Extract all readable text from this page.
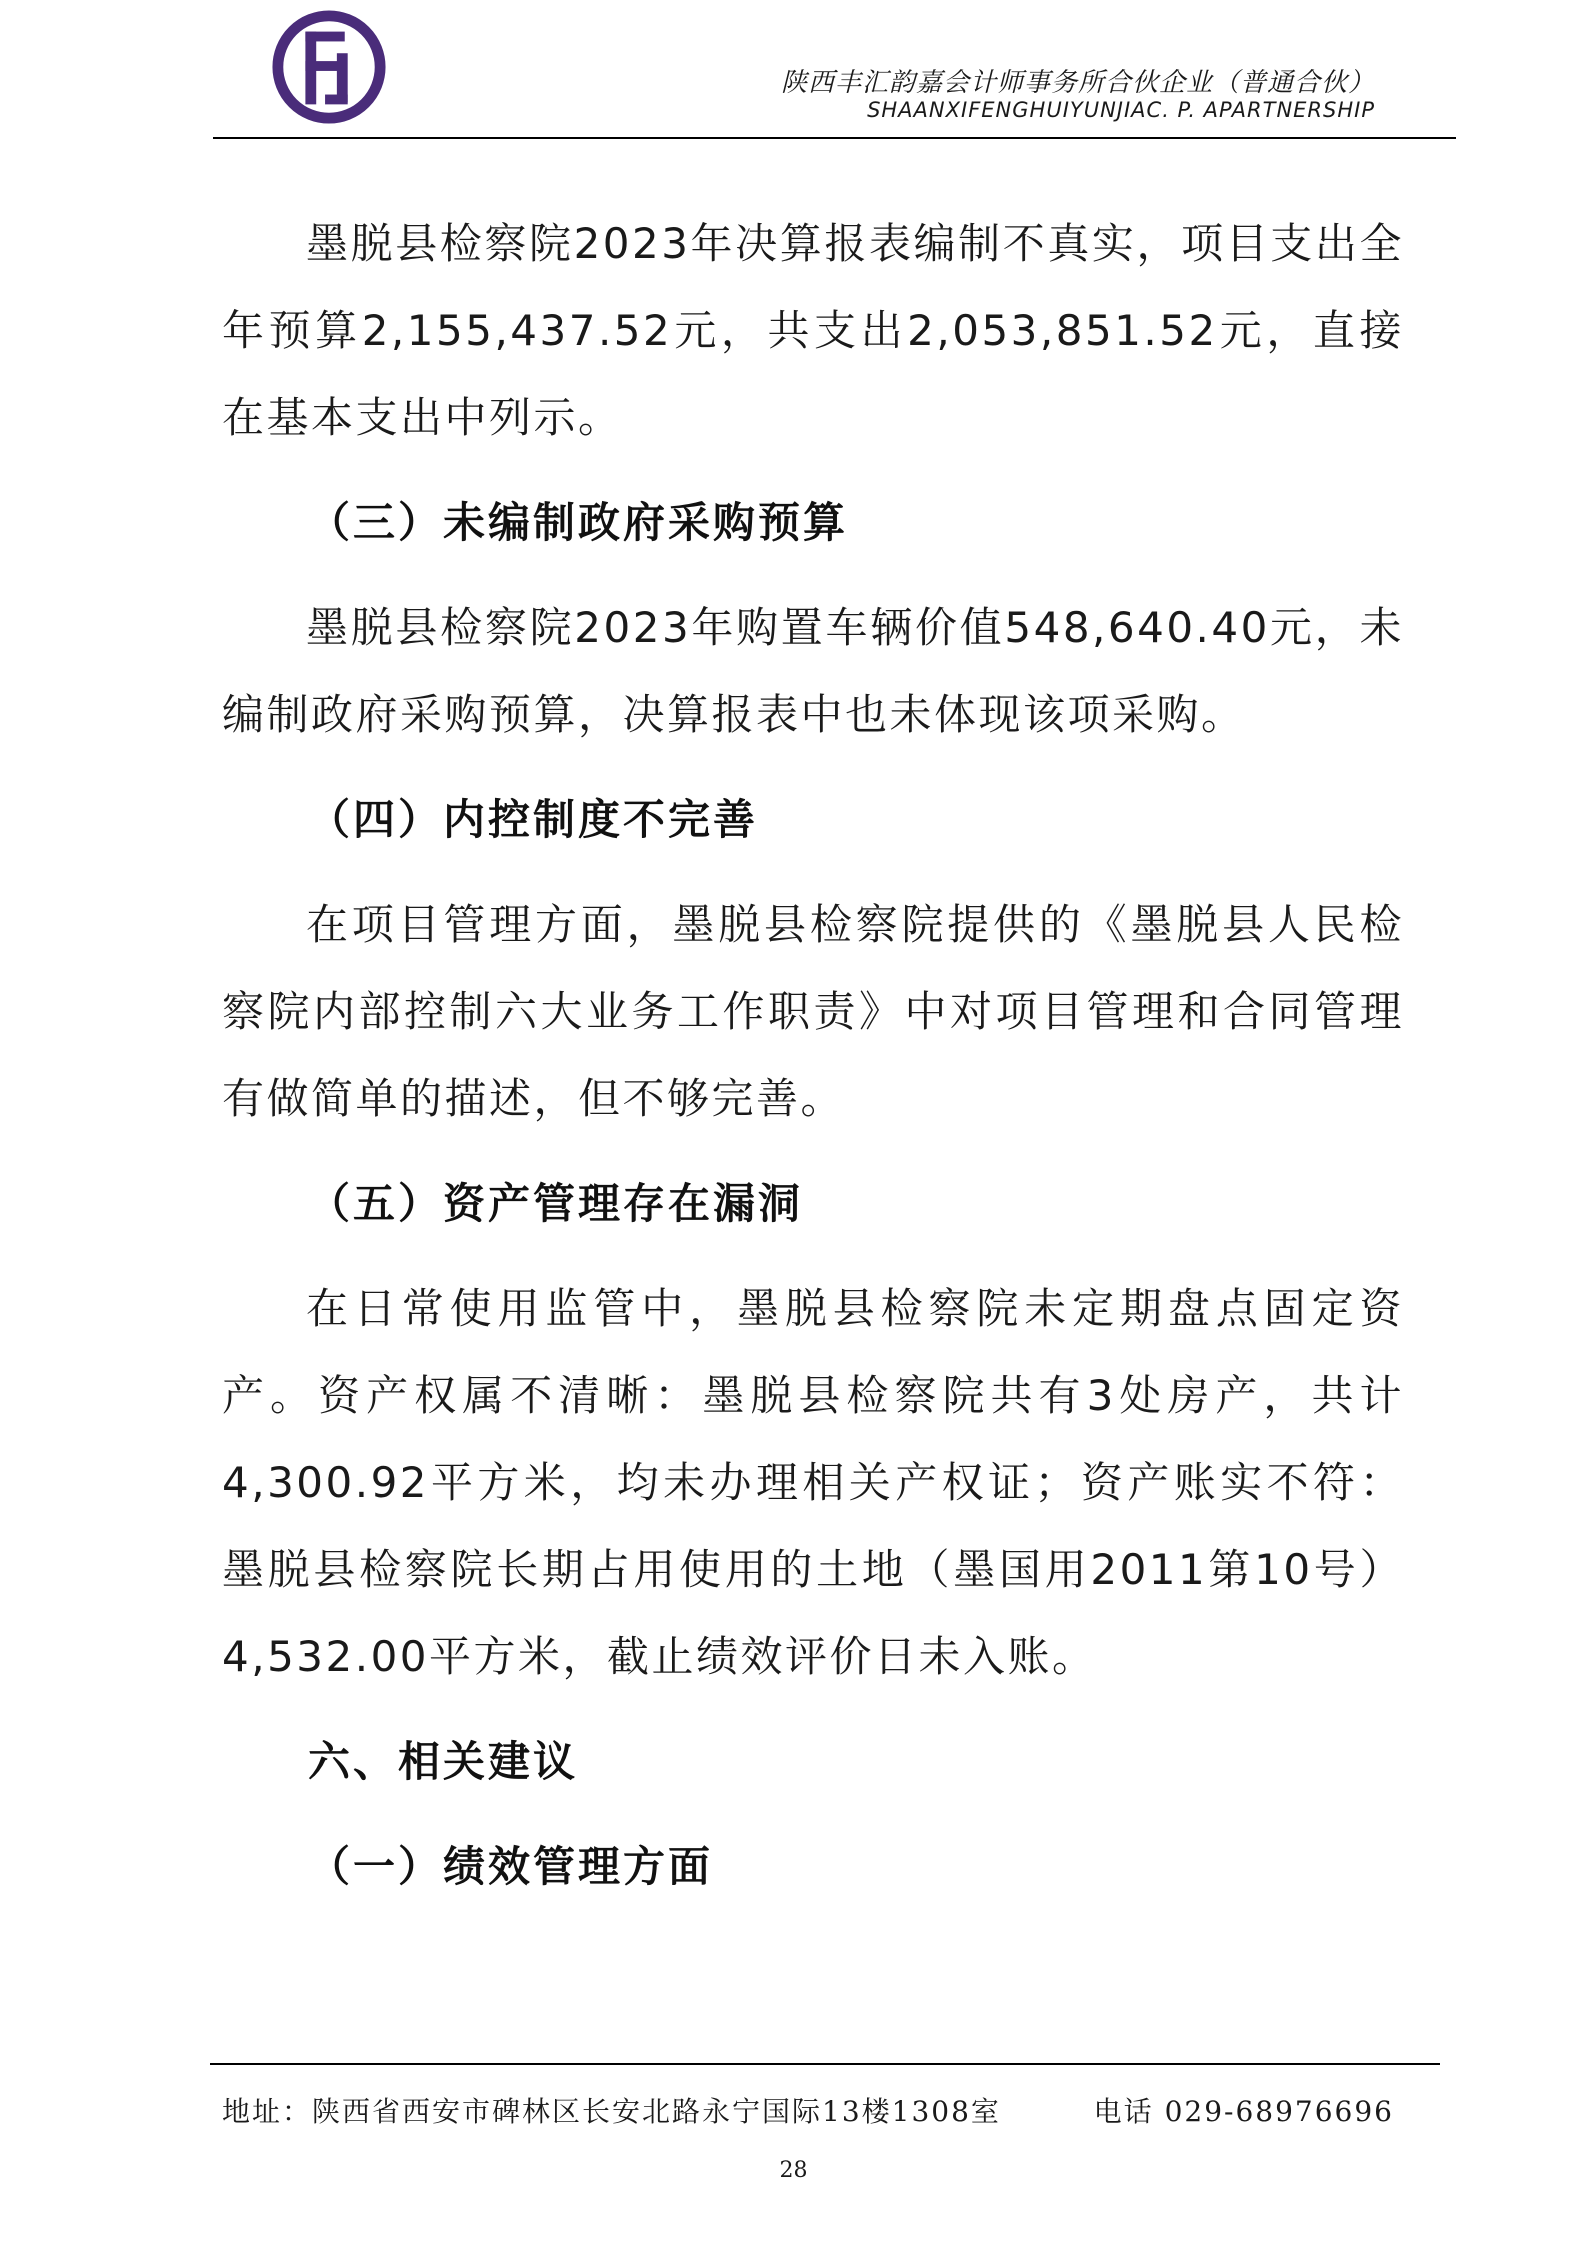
陕西丰汇韵嘉会计师事务所合伙企业（普通合伙）
SHAANXIFENGHUIYUNJIAC. P. APARTNERSHIP

墨脱县检察院2023年决算报表编制不真实，项目支出全年预算2,155,437.52元，共支出2,053,851.52元，直接在基本支出中列示。

（三）未编制政府采购预算

墨脱县检察院2023年购置车辆价值548,640.40元，未编制政府采购预算，决算报表中也未体现该项采购。

（四）内控制度不完善

在项目管理方面，墨脱县检察院提供的《墨脱县人民检察院内部控制六大业务工作职责》中对项目管理和合同管理有做简单的描述，但不够完善。

（五）资产管理存在漏洞

在日常使用监管中，墨脱县检察院未定期盘点固定资产。资产权属不清晰：墨脱县检察院共有3处房产，共计4,300.92平方米，均未办理相关产权证；资产账实不符：墨脱县检察院长期占用使用的土地（墨国用2011第10号）4,532.00平方米，截止绩效评价日未入账。

六、相关建议
（一）绩效管理方面
地址：陕西省西安市碑林区长安北路永宁国际13楼1308室	电话 029-68976696
28
